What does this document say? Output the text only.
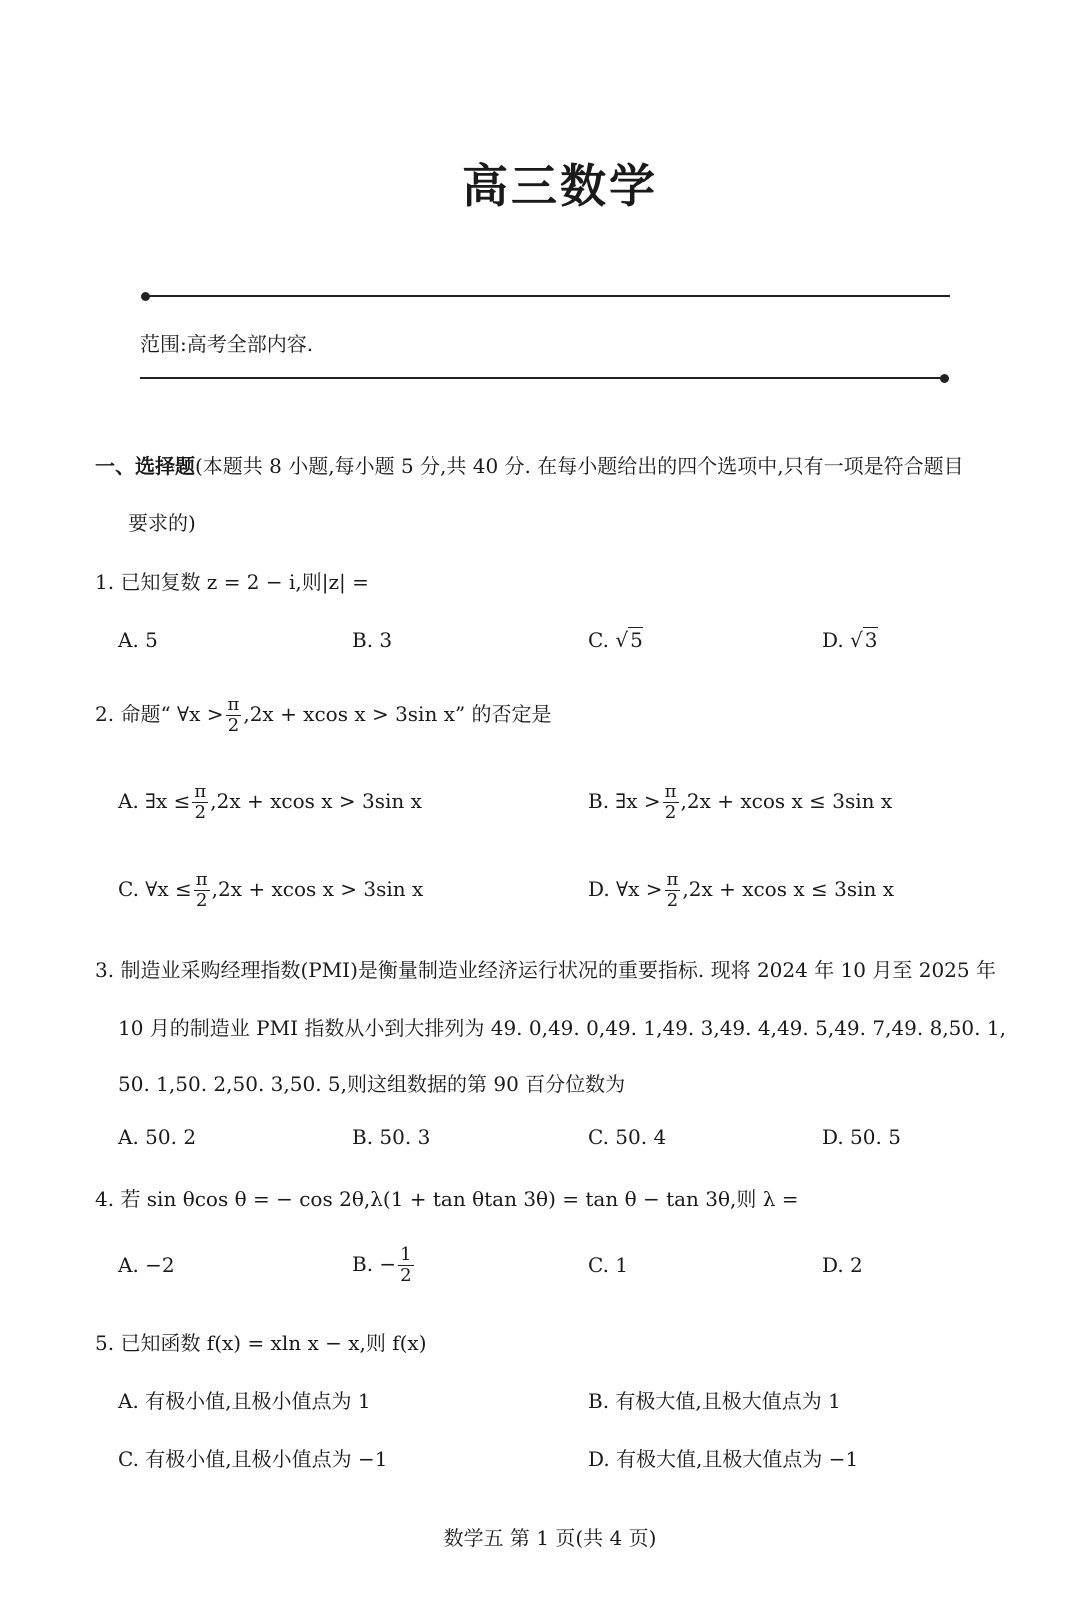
高三数学
范围:高考全部内容.
一、选择题(本题共 8 小题,每小题 5 分,共 40 分. 在每小题给出的四个选项中,只有一项是符合题目
要求的)
1. 已知复数 z = 2 − i,则|z| =
A. 5	B. 3	C. √ 5	D. √ 3
2. 命题“ ∀x > $\frac{\pi}{2} ,2x + xcos$ x > 3sin x” 的否定是
A. ∃x ≤ $\frac{\pi}{2} ,2x + xcos$ x > 3sin x	B. ∃x > $\frac{\pi}{2} ,2x + xcos$ x ≤ 3sin x
C. ∀x ≤ $\frac{\pi}{2} ,2x + xcos$ x > 3sin x	D. ∀x > $\frac{\pi}{2} ,2x + xcos$ x ≤ 3sin x
3. 制造业采购经理指数(PMI)是衡量制造业经济运行状况的重要指标. 现将 2024 年 10 月至 2025 年
10 月的制造业 PMI 指数从小到大排列为 49. 0,49. 0,49. 1,49. 3,49. 4,49. 5,49. 7,49. 8,50. 1,
50. 1,50. 2,50. 3,50. 5,则这组数据的第 90 百分位数为
A. 50. 2	B. 50. 3	C. 50. 4	D. 50. 5
4. 若 sin θcos θ = − cos 2θ,λ(1 + tan θtan 3θ) = tan θ − tan 3θ,则 λ =
A. −2	B. − $\frac{1}{2}$	C. 1	D. 2
5. 已知函数 f(x) = xln x − x,则 f(x)
A. 有极小值,且极小值点为 1	B. 有极大值,且极大值点为 1
C. 有极小值,且极小值点为 −1	D. 有极大值,且极大值点为 −1
数学五 第 1 页(共 4 页)
